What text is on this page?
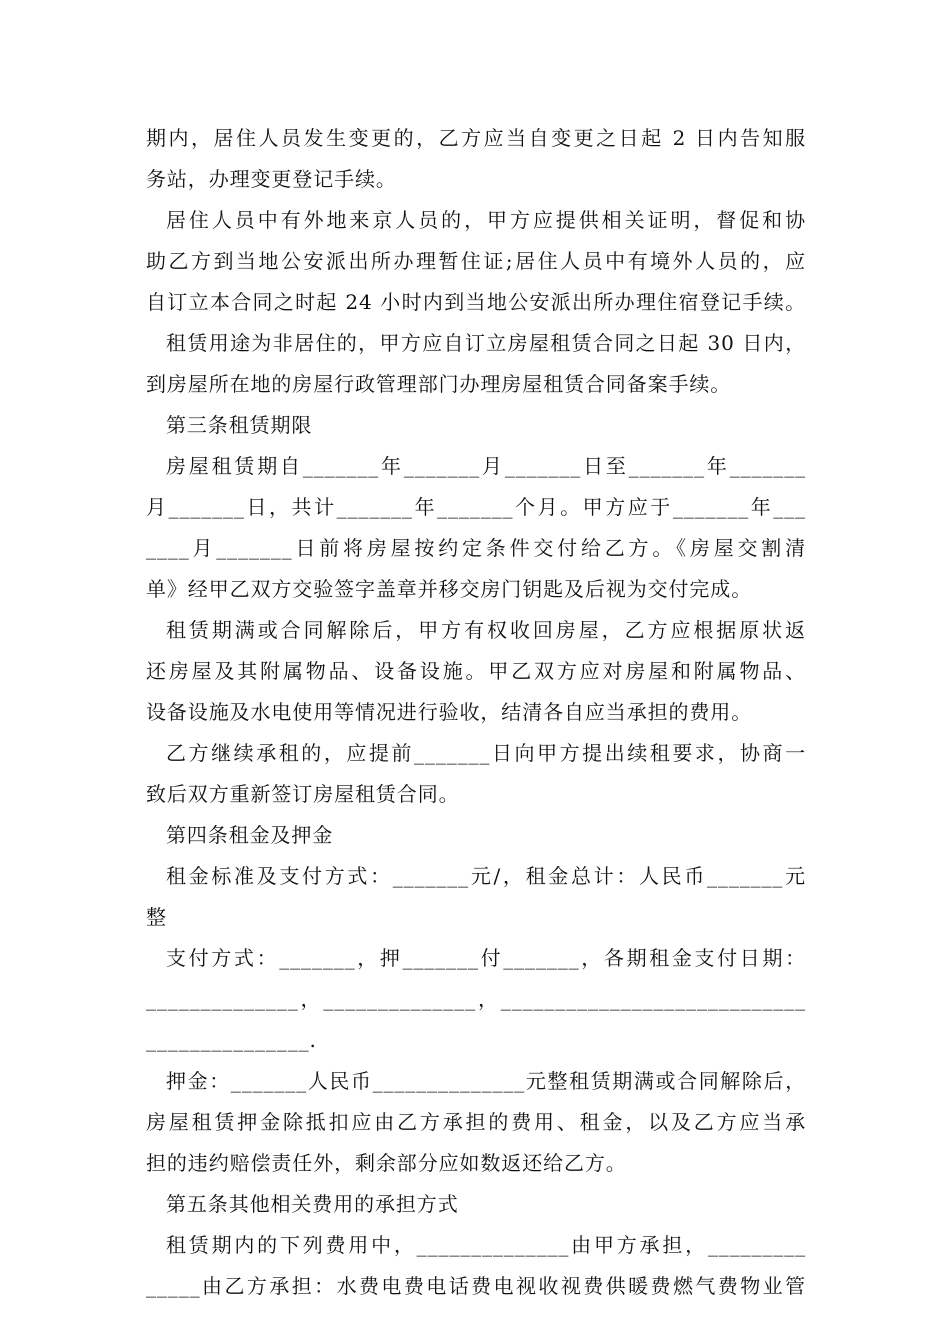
期内，居住人员发生变更的，乙方应当自变更之日起 2 日内告知服
务站，办理变更登记手续。
居住人员中有外地来京人员的，甲方应提供相关证明，督促和协
助乙方到当地公安派出所办理暂住证;居住人员中有境外人员的，应
自订立本合同之时起 24 小时内到当地公安派出所办理住宿登记手续。
租赁用途为非居住的，甲方应自订立房屋租赁合同之日起 30 日内，
到房屋所在地的房屋行政管理部门办理房屋租赁合同备案手续。
第三条租赁期限
房屋租赁期自_______年_______月_______日至_______年_______
月_______日，共计_______年_______个月。甲方应于_______年___
____月_______日前将房屋按约定条件交付给乙方。《房屋交割清
单》经甲乙双方交验签字盖章并移交房门钥匙及后视为交付完成。
租赁期满或合同解除后，甲方有权收回房屋，乙方应根据原状返
还房屋及其附属物品、设备设施。甲乙双方应对房屋和附属物品、
设备设施及水电使用等情况进行验收，结清各自应当承担的费用。
乙方继续承租的，应提前_______日向甲方提出续租要求，协商一
致后双方重新签订房屋租赁合同。
第四条租金及押金
租金标准及支付方式：_______元/，租金总计：人民币_______元
整
支付方式：_______，押_______付_______，各期租金支付日期：
______________，______________，____________________________
_______________.
押金：_______人民币______________元整租赁期满或合同解除后，
房屋租赁押金除抵扣应由乙方承担的费用、租金，以及乙方应当承
担的违约赔偿责任外，剩余部分应如数返还给乙方。
第五条其他相关费用的承担方式
租赁期内的下列费用中，______________由甲方承担，_________
_____由乙方承担：水费电费电话费电视收视费供暖费燃气费物业管
